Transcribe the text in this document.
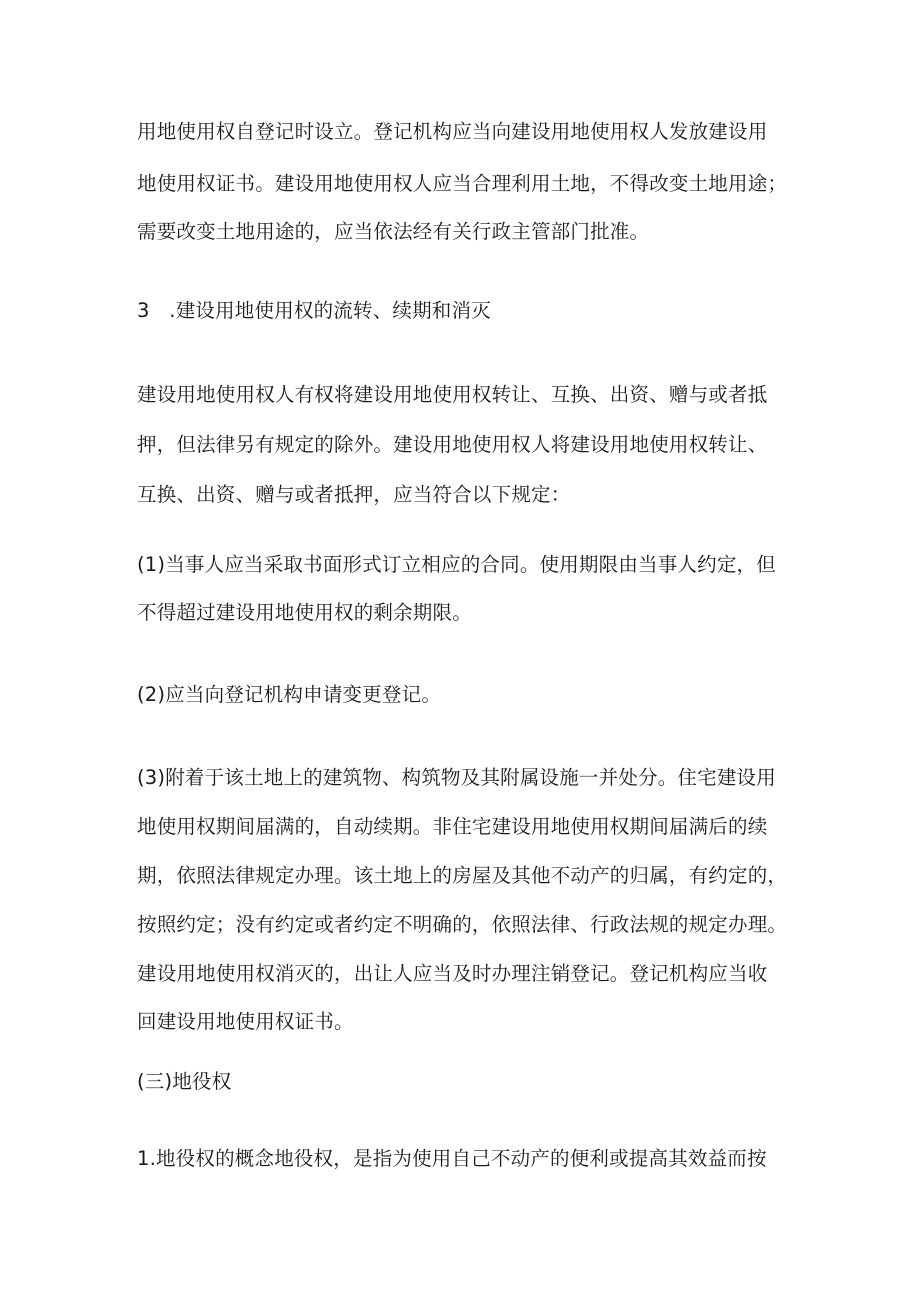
用地使用权自登记时设立。登记机构应当向建设用地使用权人发放建设用
地使用权证书。建设用地使用权人应当合理利用土地，不得改变土地用途；
需要改变土地用途的，应当依法经有关行政主管部门批准。
3　.建设用地使用权的流转、续期和消灭
建设用地使用权人有权将建设用地使用权转让、互换、出资、赠与或者抵
押，但法律另有规定的除外。建设用地使用权人将建设用地使用权转让、
互换、出资、赠与或者抵押，应当符合以下规定：
(1)当事人应当采取书面形式订立相应的合同。使用期限由当事人约定，但
不得超过建设用地使用权的剩余期限。
(2)应当向登记机构申请变更登记。
(3)附着于该土地上的建筑物、构筑物及其附属设施一并处分。住宅建设用
地使用权期间届满的，自动续期。非住宅建设用地使用权期间届满后的续
期，依照法律规定办理。该土地上的房屋及其他不动产的归属，有约定的，
按照约定；没有约定或者约定不明确的，依照法律、行政法规的规定办理。
建设用地使用权消灭的，出让人应当及时办理注销登记。登记机构应当收
回建设用地使用权证书。
(三)地役权
1.地役权的概念地役权，是指为使用自己不动产的便利或提高其效益而按
